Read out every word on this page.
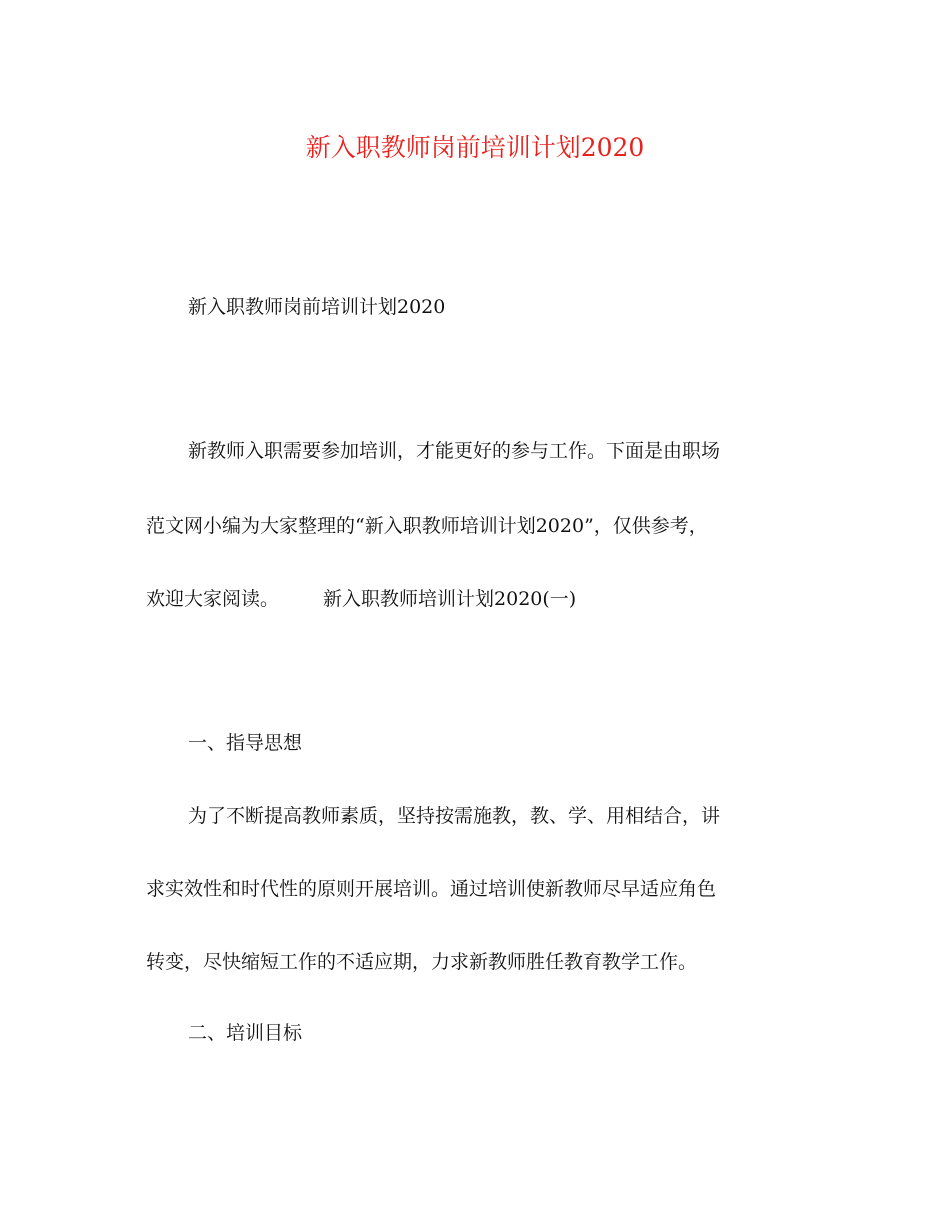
新入职教师岗前培训计划2020

新入职教师岗前培训计划2020

新教师入职需要参加培训，才能更好的参与工作。下面是由职场

范文网小编为大家整理的“新入职教师培训计划2020”，仅供参考，

欢迎大家阅读。 新入职教师培训计划2020(一)

一、指导思想

为了不断提高教师素质，坚持按需施教，教、学、用相结合，讲

求实效性和时代性的原则开展培训。通过培训使新教师尽早适应角色

转变，尽快缩短工作的不适应期，力求新教师胜任教育教学工作。

二、培训目标
